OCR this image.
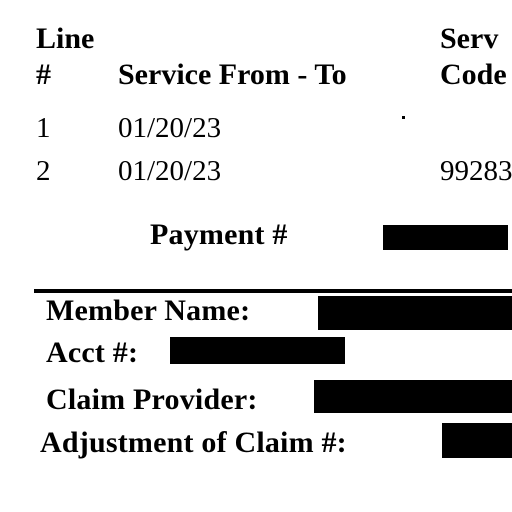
Line
# Service From - To
Serv
Code
1 01/20/23
2 01/20/23	99283
Payment #
Member Name:
Acct #:
Claim Provider:
Adjustment of Claim #:
